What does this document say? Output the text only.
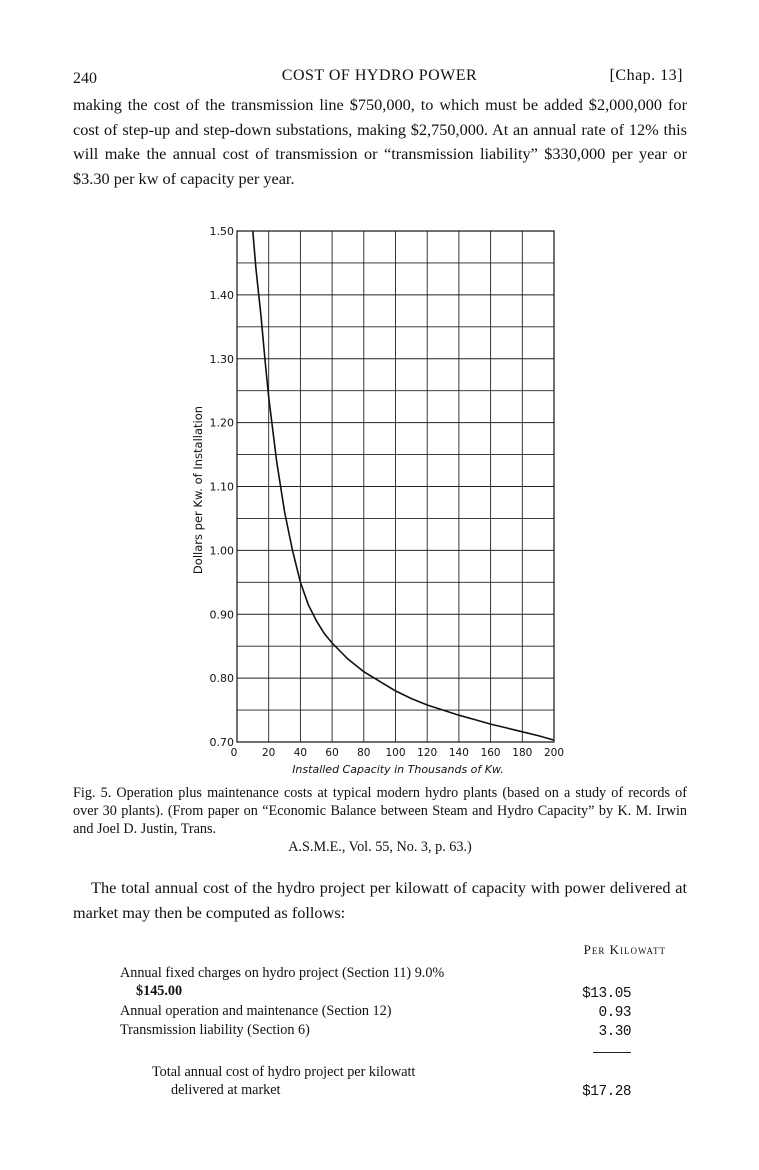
240	COST OF HYDRO POWER	[Chap. 13]
making the cost of the transmission line $750,000, to which must be added $2,000,000 for cost of step-up and step-down substations, making $2,750,000. At an annual rate of 12% this will make the annual cost of transmission or “transmission liability” $330,000 per year or $3.30 per kw of capacity per year.
0.70
0.80
0.90
1.00
1.10
1.20
1.30
1.40
1.50
0 20 40 60 80 100 120 140 160 180 200
Dollars per Kw. of Installation
Installed Capacity in Thousands of Kw.
Fig. 5. Operation plus maintenance costs at typical modern hydro plants (based on a study of records of over 30 plants). (From paper on “Economic Balance between Steam and Hydro Capacity” by K. M. Irwin and Joel D. Justin, Trans.
A.S.M.E., Vol. 55, No. 3, p. 63.)
The total annual cost of the hydro project per kilowatt of capacity with power delivered at market may then be computed as follows:
Per Kilowatt
Annual fixed charges on hydro project (Section 11) 9.0%
$145.00	$13.05
Annual operation and maintenance (Section 12)	0.93
Transmission liability (Section 6)	3.30
Total annual cost of hydro project per kilowatt
delivered at market	$17.28
